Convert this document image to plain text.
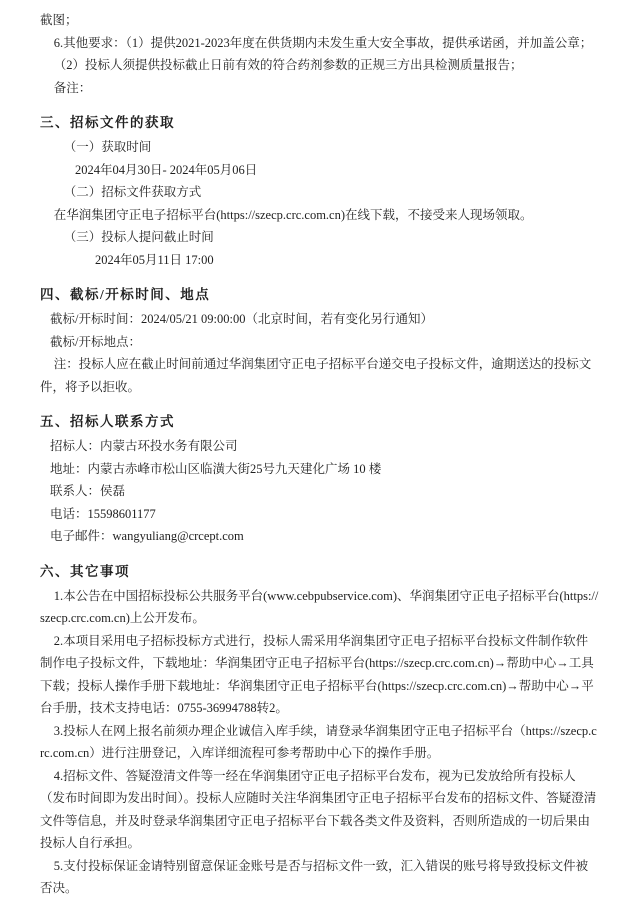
截图；

6.其他要求：（1）提供2021-2023年度在供货期内未发生重大安全事故，提供承诺函，并加盖公章；

（2）投标人须提供投标截止日前有效的符合药剂参数的正规三方出具检测质量报告；

备注：

三、招标文件的获取

（一）获取时间

2024年04月30日- 2024年05月06日

（二）招标文件获取方式

在华润集团守正电子招标平台(https://szecp.crc.com.cn)在线下载，不接受来人现场领取。

（三）投标人提问截止时间

2024年05月11日 17:00

四、截标/开标时间、地点

截标/开标时间：2024/05/21 09:00:00（北京时间，若有变化另行通知）

截标/开标地点：

注：投标人应在截止时间前通过华润集团守正电子招标平台递交电子投标文件，逾期送达的投标文件，将予以拒收。

五、招标人联系方式

招标人：内蒙古环投水务有限公司

地址：内蒙古赤峰市松山区临潢大街25号九天建化广场 10 楼

联系人：侯磊

电话：15598601177

电子邮件：wangyuliang@crcept.com

六、其它事项

1.本公告在中国招标投标公共服务平台(www.cebpubservice.com)、华润集团守正电子招标平台(https://szecp.crc.com.cn)上公开发布。

2.本项目采用电子招标投标方式进行，投标人需采用华润集团守正电子招标平台投标文件制作软件制作电子投标文件，下载地址：华润集团守正电子招标平台(https://szecp.crc.com.cn)→帮助中心→工具下载；投标人操作手册下载地址：华润集团守正电子招标平台(https://szecp.crc.com.cn)→帮助中心→平台手册，技术支持电话：0755-36994788转2。

3.投标人在网上报名前须办理企业诚信入库手续，请登录华润集团守正电子招标平台（https://szecp.crc.com.cn）进行注册登记，入库详细流程可参考帮助中心下的操作手册。

4.招标文件、答疑澄清文件等一经在华润集团守正电子招标平台发布，视为已发放给所有投标人（发布时间即为发出时间）。投标人应随时关注华润集团守正电子招标平台发布的招标文件、答疑澄清文件等信息，并及时登录华润集团守正电子招标平台下载各类文件及资料，否则所造成的一切后果由投标人自行承担。

5.支付投标保证金请特别留意保证金账号是否与招标文件一致，汇入错误的账号将导致投标文件被否决。
